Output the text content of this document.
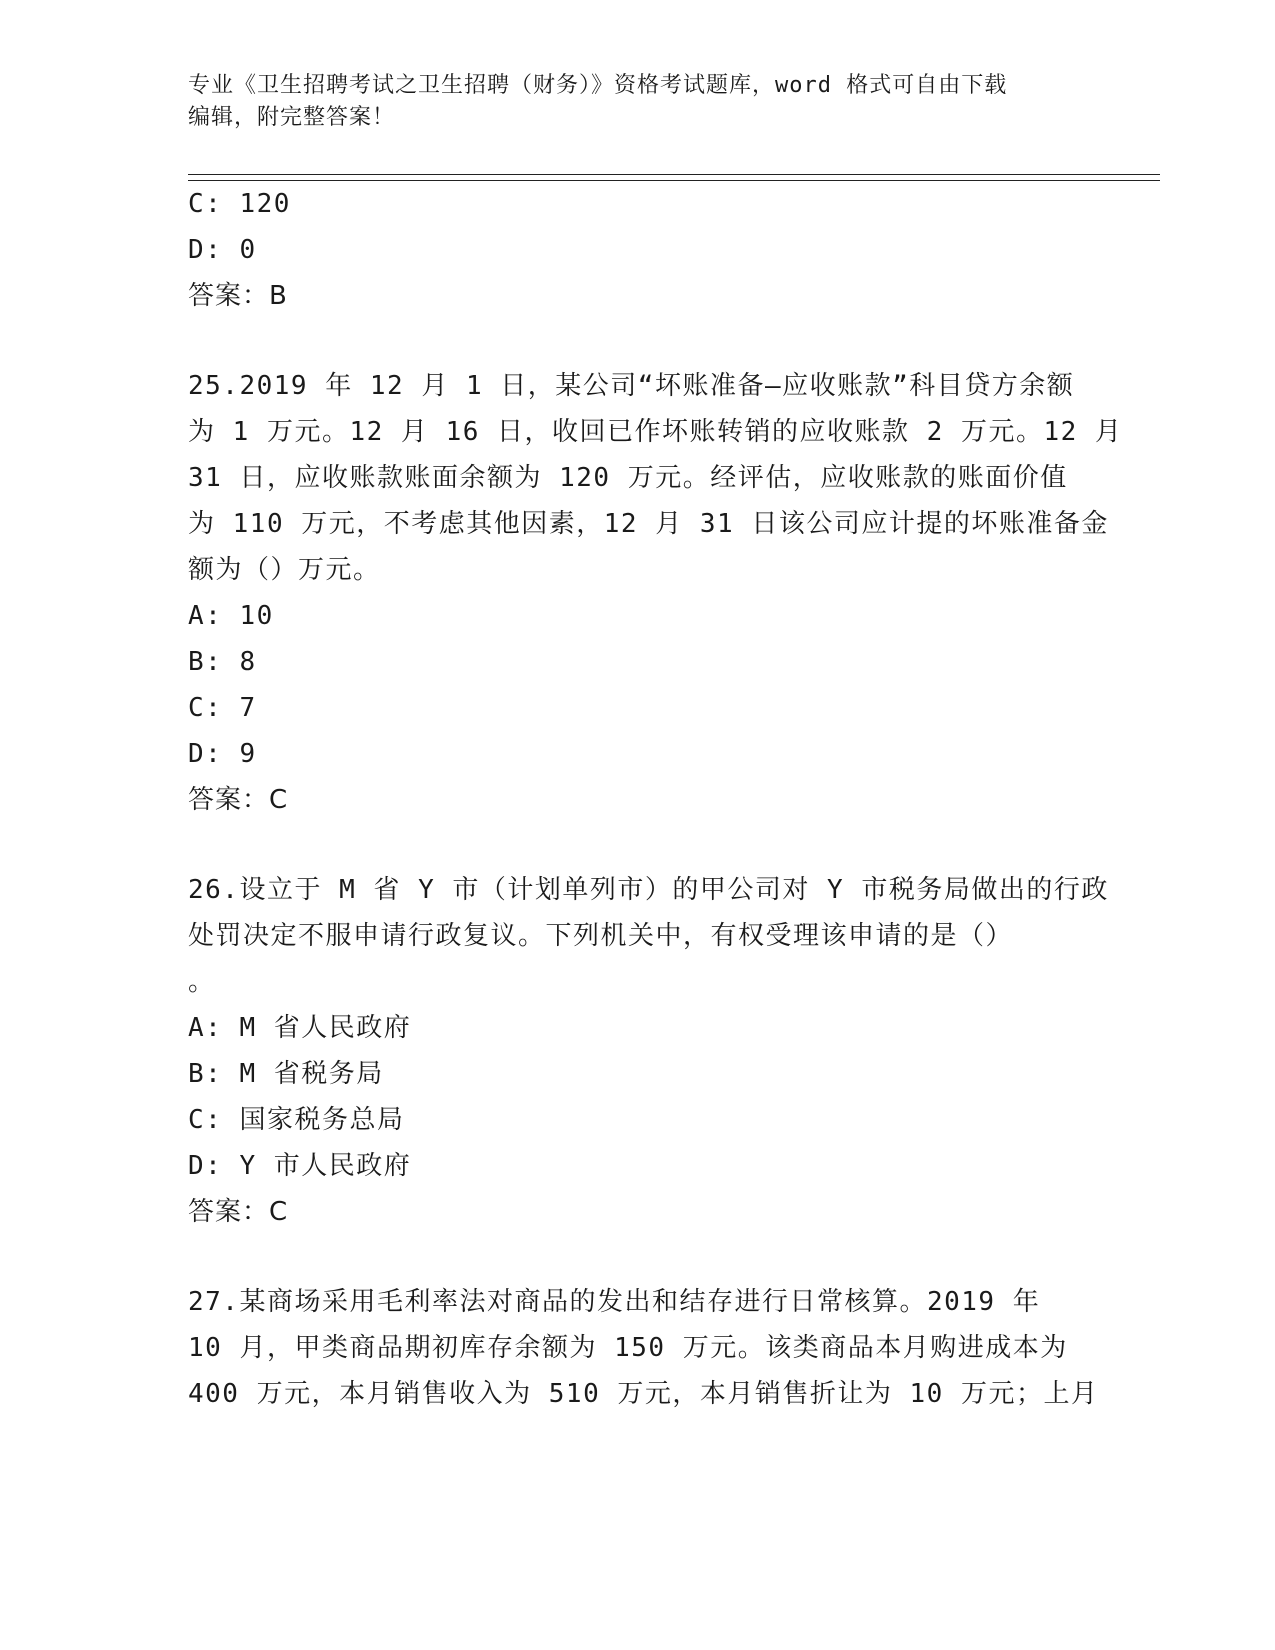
专业《卫生招聘考试之卫生招聘（财务）》资格考试题库，word 格式可自由下载

编辑，附完整答案！

C: 120
D: 0
答案：B
25.2019 年 12 月 1 日，某公司“坏账准备—应收账款”科目贷方余额
为 1 万元。12 月 16 日，收回已作坏账转销的应收账款 2 万元。12 月
31 日，应收账款账面余额为 120 万元。经评估，应收账款的账面价值
为 110 万元，不考虑其他因素，12 月 31 日该公司应计提的坏账准备金
额为（）万元。
A: 10
B: 8
C: 7
D: 9
答案：C
26.设立于 M 省 Y 市（计划单列市）的甲公司对 Y 市税务局做出的行政
处罚决定不服申请行政复议。下列机关中，有权受理该申请的是（）
。
A: M 省人民政府
B: M 省税务局
C: 国家税务总局
D: Y 市人民政府
答案：C
27.某商场采用毛利率法对商品的发出和结存进行日常核算。2019 年
10 月，甲类商品期初库存余额为 150 万元。该类商品本月购进成本为
400 万元，本月销售收入为 510 万元，本月销售折让为 10 万元；上月
